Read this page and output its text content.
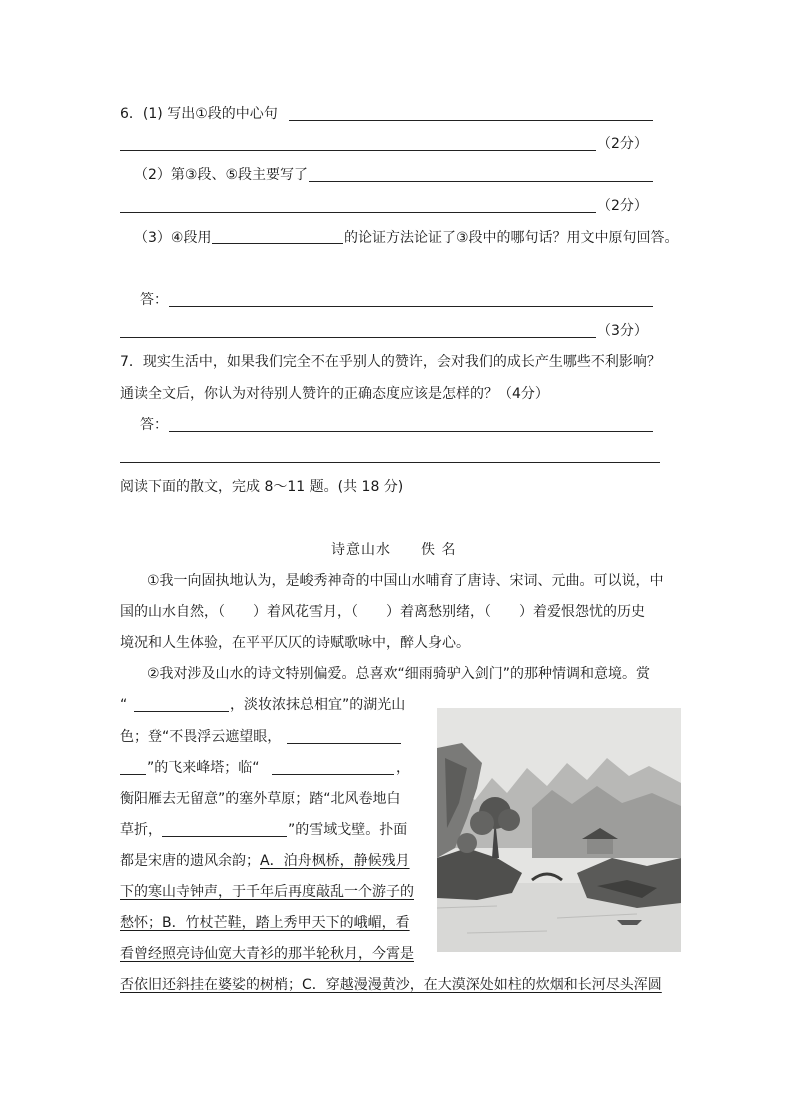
6．(1) 写出①段的中心句
（2分）
（2）第③段、⑤段主要写了
（2分）
（3）④段用	的论证方法论证了③段中的哪句话？用文中原句回答。
答：
（3分）
7．现实生活中，如果我们完全不在乎别人的赞许，会对我们的成长产生哪些不利影响？
通读全文后，你认为对待别人赞许的正确态度应该是怎样的？（4分）
答：
阅读下面的散文，完成 8～11 题。(共 18 分)
诗意山水　　佚 名
①我一向固执地认为，是峻秀神奇的中国山水哺育了唐诗、宋词、元曲。可以说，中
国的山水自然，（　　）着风花雪月，（　　）着离愁别绪，（　　）着爱恨怨忧的历史
境况和人生体验，在平平仄仄的诗赋歌咏中，醉人身心。
②我对涉及山水的诗文特别偏爱。总喜欢“细雨骑驴入剑门”的那种情调和意境。赏
“	，淡妆浓抹总相宜”的湖光山
色；登“不畏浮云遮望眼，
”的飞来峰塔；临“	，
衡阳雁去无留意”的塞外草原；踏“北风卷地白
草折，	”的雪域戈壁。扑面
都是宋唐的遗风余韵； A．泊舟枫桥，静候残月
下的寒山寺钟声，于千年后再度敲乱一个游子的
愁怀； B．竹杖芒鞋，踏上秀甲天下的峨嵋，看
看曾经照亮诗仙宽大青衫的那半轮秋月，今霄是
否依旧还斜挂在婆娑的树梢；C．穿越漫漫黄沙，在大漠深处如柱的炊烟和长河尽头浑圆
